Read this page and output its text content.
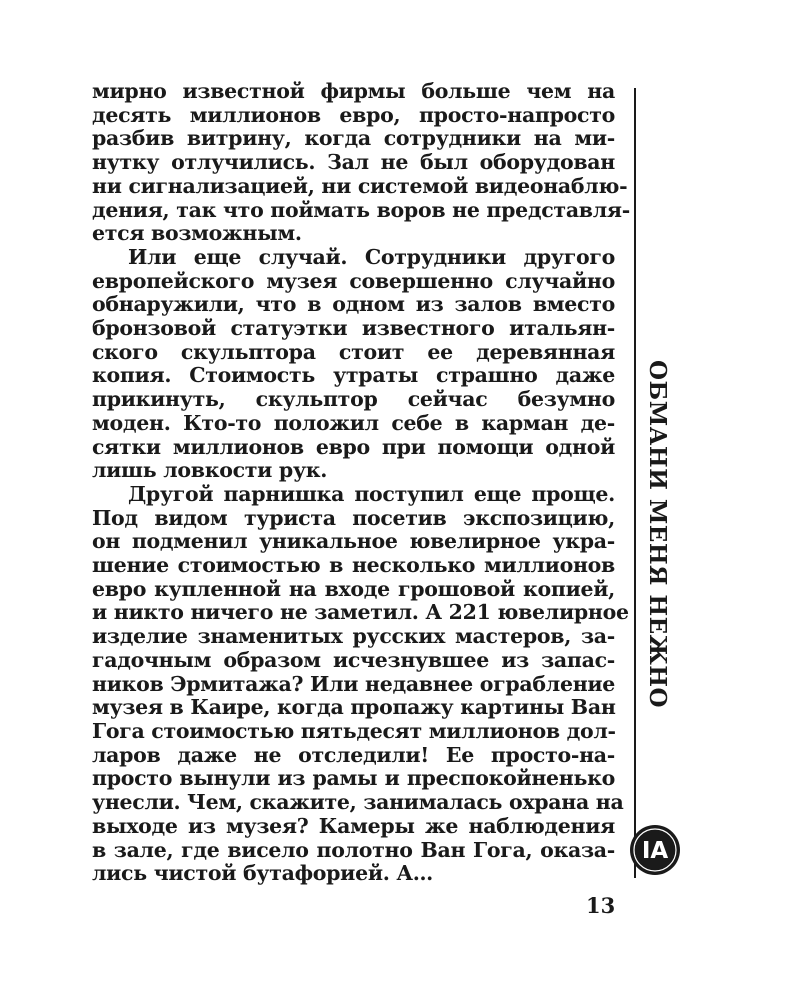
мирно известной фирмы больше чем на
десять миллионов евро, просто-напросто
разбив витрину, когда сотрудники на ми-
нутку отлучились. Зал не был оборудован
ни сигнализацией, ни системой видеонаблю-
дения, так что поймать воров не представля-
ется возможным.
Или еще случай. Сотрудники другого
европейского музея совершенно случайно
обнаружили, что в одном из залов вместо
бронзовой статуэтки известного итальян-
ского скульптора стоит ее деревянная
копия. Стоимость утраты страшно даже
прикинуть, скульптор сейчас безумно
моден. Кто-то положил себе в карман де-
сятки миллионов евро при помощи одной
лишь ловкости рук.
Другой парнишка поступил еще проще.
Под видом туриста посетив экспозицию,
он подменил уникальное ювелирное укра-
шение стоимостью в несколько миллионов
евро купленной на входе грошовой копией,
и никто ничего не заметил. А 221 ювелирное
изделие знаменитых русских мастеров, за-
гадочным образом исчезнувшее из запас-
ников Эрмитажа? Или недавнее ограбление
музея в Каире, когда пропажу картины Ван
Гога стоимостью пятьдесят миллионов дол-
ларов даже не отследили! Ее просто-на-
просто вынули из рамы и преспокойненько
унесли. Чем, скажите, занималась охрана на
выходе из музея? Камеры же наблюдения
в зале, где висело полотно Ван Гога, оказа-
лись чистой бутафорией. А…
ОБМАНИ МЕНЯ НЕЖНО
IA
13
